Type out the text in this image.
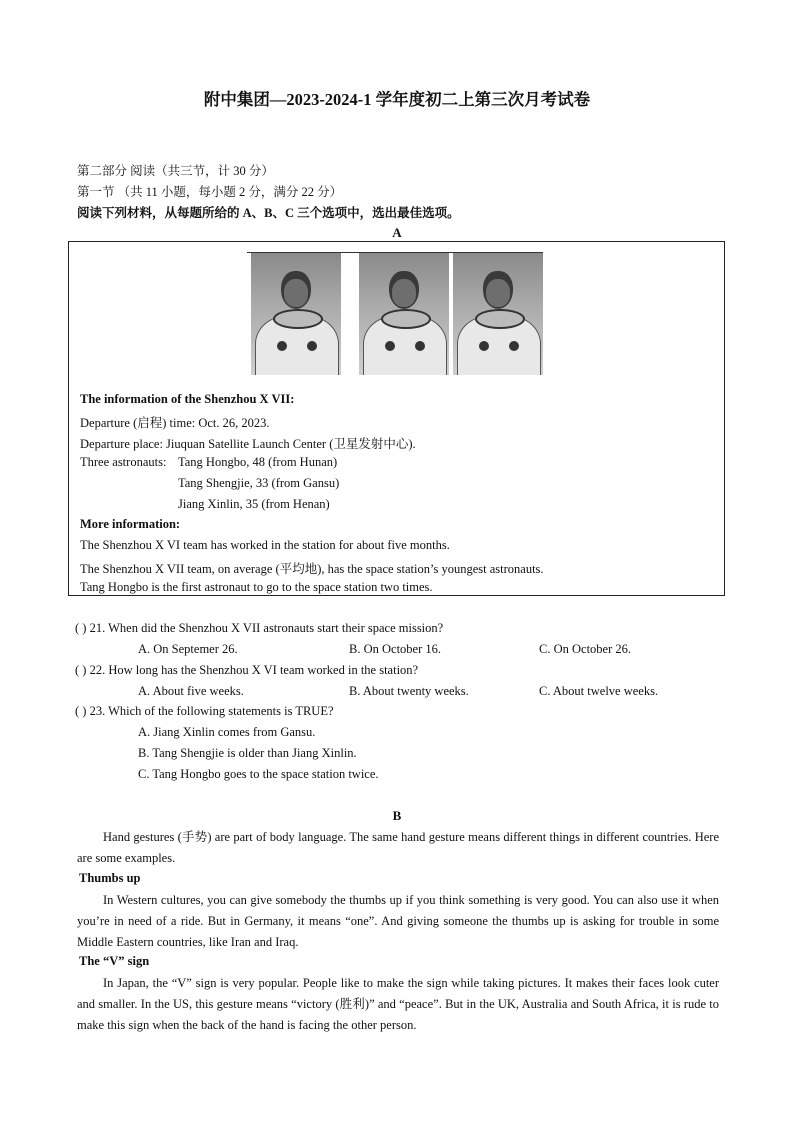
附中集团—2023-2024-1 学年度初二上第三次月考试卷
第二部分 阅读（共三节，计 30 分）
第一节 （共 11 小题，每小题 2 分，满分 22 分）
阅读下列材料，从每题所给的 A、B、C 三个选项中，选出最佳选项。
A
The information of the Shenzhou X VII:
Departure (启程) time: Oct. 26, 2023.
Departure place: Jiuquan Satellite Launch Center (卫星发射中心).
Three astronauts: Tang Hongbo, 48 (from Hunan)
Tang Shengjie, 33 (from Gansu)
Jiang Xinlin, 35 (from Henan)
More information:
The Shenzhou X VI team has worked in the station for about five months.
The Shenzhou X VII team, on average (平均地), has the space station’s youngest astronauts.
Tang Hongbo is the first astronaut to go to the space station two times.
( ) 21. When did the Shenzhou X VII astronauts start their space mission?
A. On Septemer 26.	B. On October 16.	C. On October 26.
( ) 22. How long has the Shenzhou X VI team worked in the station?
A. About five weeks.	B. About twenty weeks.	C. About twelve weeks.
( ) 23. Which of the following statements is TRUE?
A. Jiang Xinlin comes from Gansu.
B. Tang Shengjie is older than Jiang Xinlin.
C. Tang Hongbo goes to the space station twice.
B
Hand gestures (手势) are part of body language. The same hand gesture means different things in different countries. Here are some examples.
Thumbs up
In Western cultures, you can give somebody the thumbs up if you think something is very good. You can also use it when you’re in need of a ride. But in Germany, it means “one”. And giving someone the thumbs up is asking for trouble in some Middle Eastern countries, like Iran and Iraq.
The “V” sign
In Japan, the “V” sign is very popular. People like to make the sign while taking pictures. It makes their faces look cuter and smaller. In the US, this gesture means “victory (胜利)” and “peace”. But in the UK, Australia and South Africa, it is rude to make this sign when the back of the hand is facing the other person.
